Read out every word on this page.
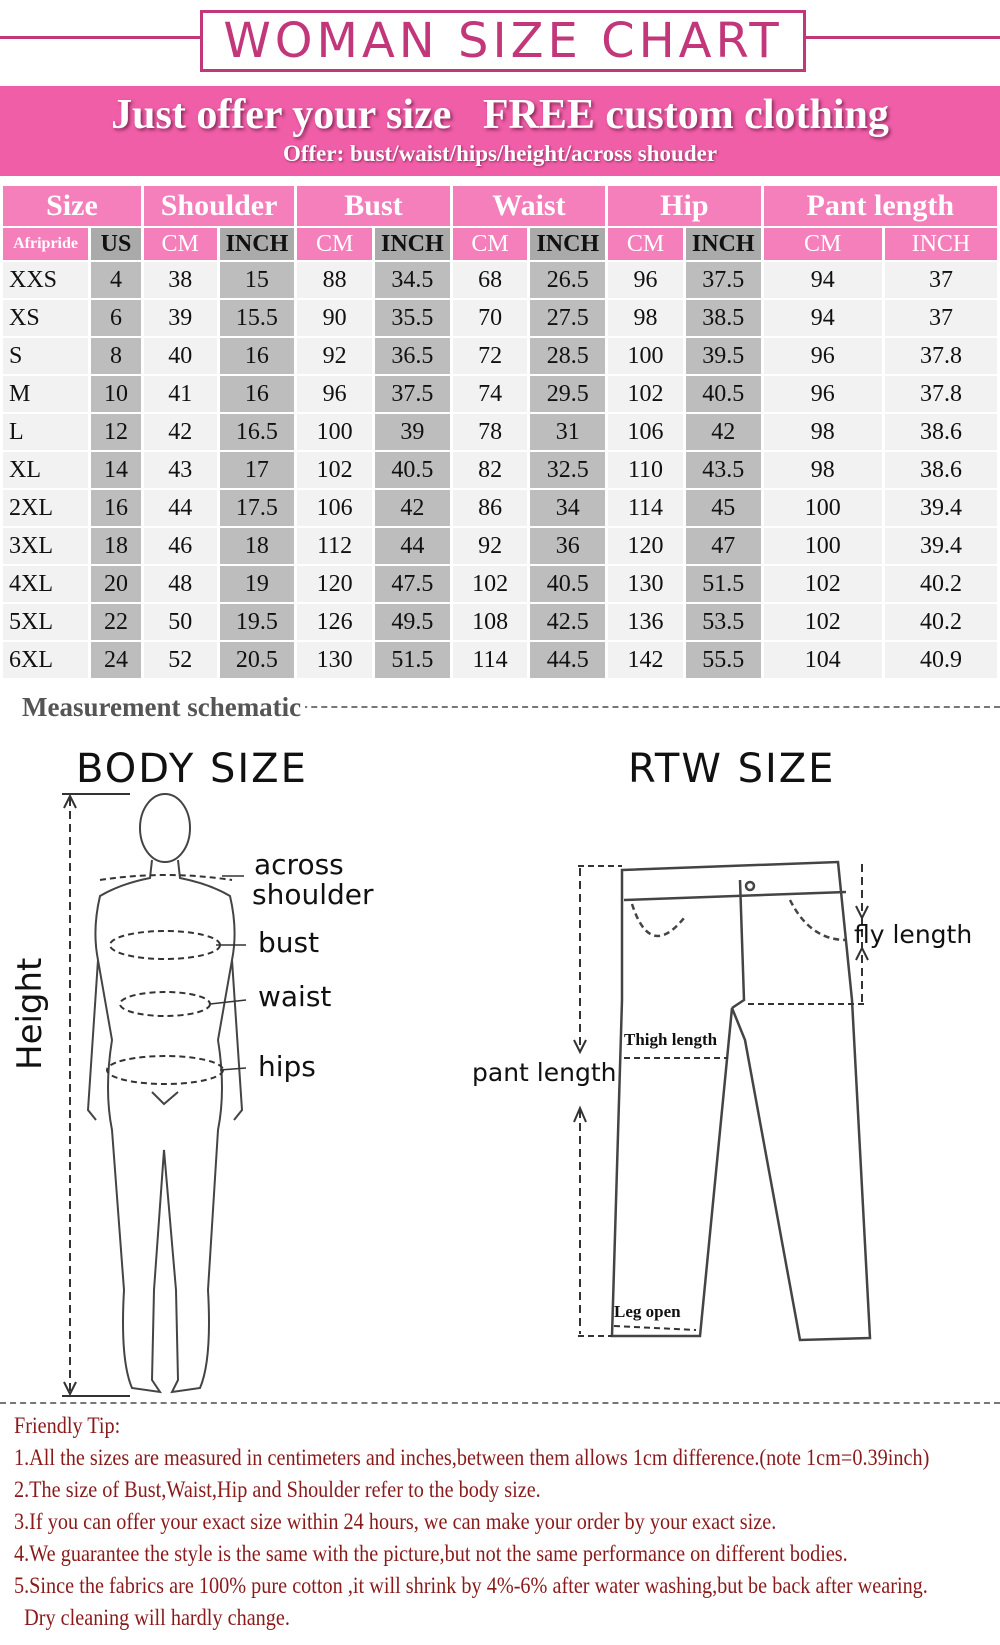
WOMAN SIZE CHART
Just offer your size   FREE custom clothing
Offer: bust/waist/hips/height/across shouder
Size		Shoulder		Bust		Waist		Hip		Pant length	
Afripride	US	CM	INCH	CM	INCH	CM	INCH	CM	INCH	CM	INCH
XXS	4	38	15	88	34.5	68	26.5	96	37.5	94	37
XS	6	39	15.5	90	35.5	70	27.5	98	38.5	94	37
S	8	40	16	92	36.5	72	28.5	100	39.5	96	37.8
M	10	41	16	96	37.5	74	29.5	102	40.5	96	37.8
L	12	42	16.5	100	39	78	31	106	42	98	38.6
XL	14	43	17	102	40.5	82	32.5	110	43.5	98	38.6
2XL	16	44	17.5	106	42	86	34	114	45	100	39.4
3XL	18	46	18	112	44	92	36	120	47	100	39.4
4XL	20	48	19	120	47.5	102	40.5	130	51.5	102	40.2
5XL	22	50	19.5	126	49.5	108	42.5	136	53.5	102	40.2
6XL	24	52	20.5	130	51.5	114	44.5	142	55.5	104	40.9
Measurement schematic
BODY SIZE	RTW SIZE
across
shoulder
bust
waist
hips
Height
fly length
Thigh length
pant length
Leg open
Friendly Tip:
1.All the sizes are measured in centimeters and inches,between them allows 1cm difference.(note 1cm=0.39inch)
2.The size of Bust,Waist,Hip and Shoulder refer to the body size.
3.If you can offer your exact size within 24 hours, we can make your order by your exact size.
4.We guarantee the style is the same with the picture,but not the same performance on different bodies.
5.Since the fabrics are 100% pure cotton ,it will shrink by 4%-6% after water washing,but be back after wearing.
Dry cleaning will hardly change.
